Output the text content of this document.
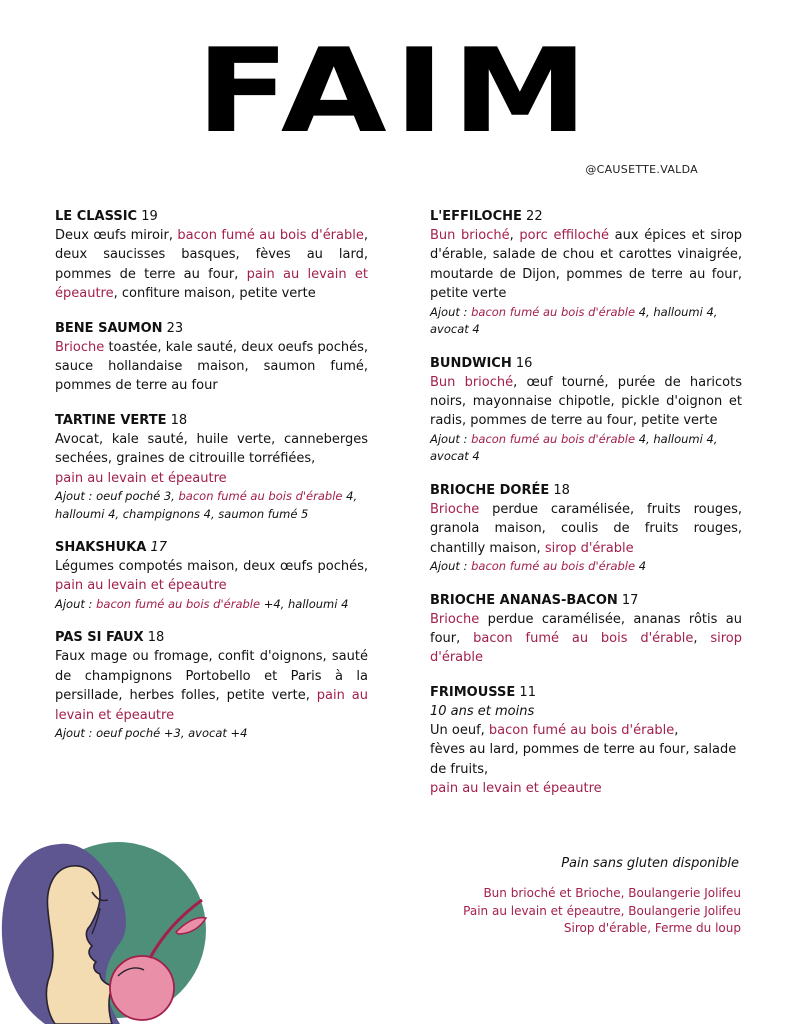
FAIM
@CAUSETTE.VALDA
LE CLASSIC 19
Deux œufs miroir, bacon fumé au bois d'érable, deux saucisses basques, fèves au lard, pommes de terre au four, pain au levain et épeautre, confiture maison, petite verte
BENE SAUMON 23
Brioche toastée, kale sauté, deux oeufs pochés, sauce hollandaise maison, saumon fumé, pommes de terre au four
TARTINE VERTE 18
Avocat, kale sauté, huile verte, canneberges sechées, graines de citrouille torréfiées,
pain au levain et épeautre
Ajout : oeuf poché 3, bacon fumé au bois d'érable 4, halloumi 4, champignons 4, saumon fumé 5
SHAKSHUKA 17
Légumes compotés maison, deux œufs pochés, pain au levain et épeautre
Ajout : bacon fumé au bois d'érable +4, halloumi 4
PAS SI FAUX 18
Faux mage ou fromage, confit d'oignons, sauté de champignons Portobello et Paris à la persillade, herbes folles, petite verte, pain au levain et épeautre
Ajout : oeuf poché +3, avocat +4
L'EFFILOCHE 22
Bun brioché, porc effiloché aux épices et sirop d'érable, salade de chou et carottes vinaigrée, moutarde de Dijon, pommes de terre au four, petite verte
Ajout : bacon fumé au bois d'érable 4, halloumi 4, avocat 4
BUNDWICH 16
Bun brioché, œuf tourné, purée de haricots noirs, mayonnaise chipotle, pickle d'oignon et radis, pommes de terre au four, petite verte
Ajout : bacon fumé au bois d'érable 4, halloumi 4, avocat 4
BRIOCHE DORÉE 18
Brioche perdue caramélisée, fruits rouges, granola maison, coulis de fruits rouges, chantilly maison, sirop d'érable
Ajout : bacon fumé au bois d'érable 4
BRIOCHE ANANAS-BACON 17
Brioche perdue caramélisée, ananas rôtis au four, bacon fumé au bois d'érable, sirop d'érable
FRIMOUSSE 11
10 ans et moins
Un oeuf, bacon fumé au bois d'érable,
fèves au lard, pommes de terre au four, salade de fruits,
pain au levain et épeautre
Pain sans gluten disponible
Bun brioché et Brioche, Boulangerie Jolifeu
Pain au levain et épeautre, Boulangerie Jolifeu
Sirop d'érable, Ferme du loup
